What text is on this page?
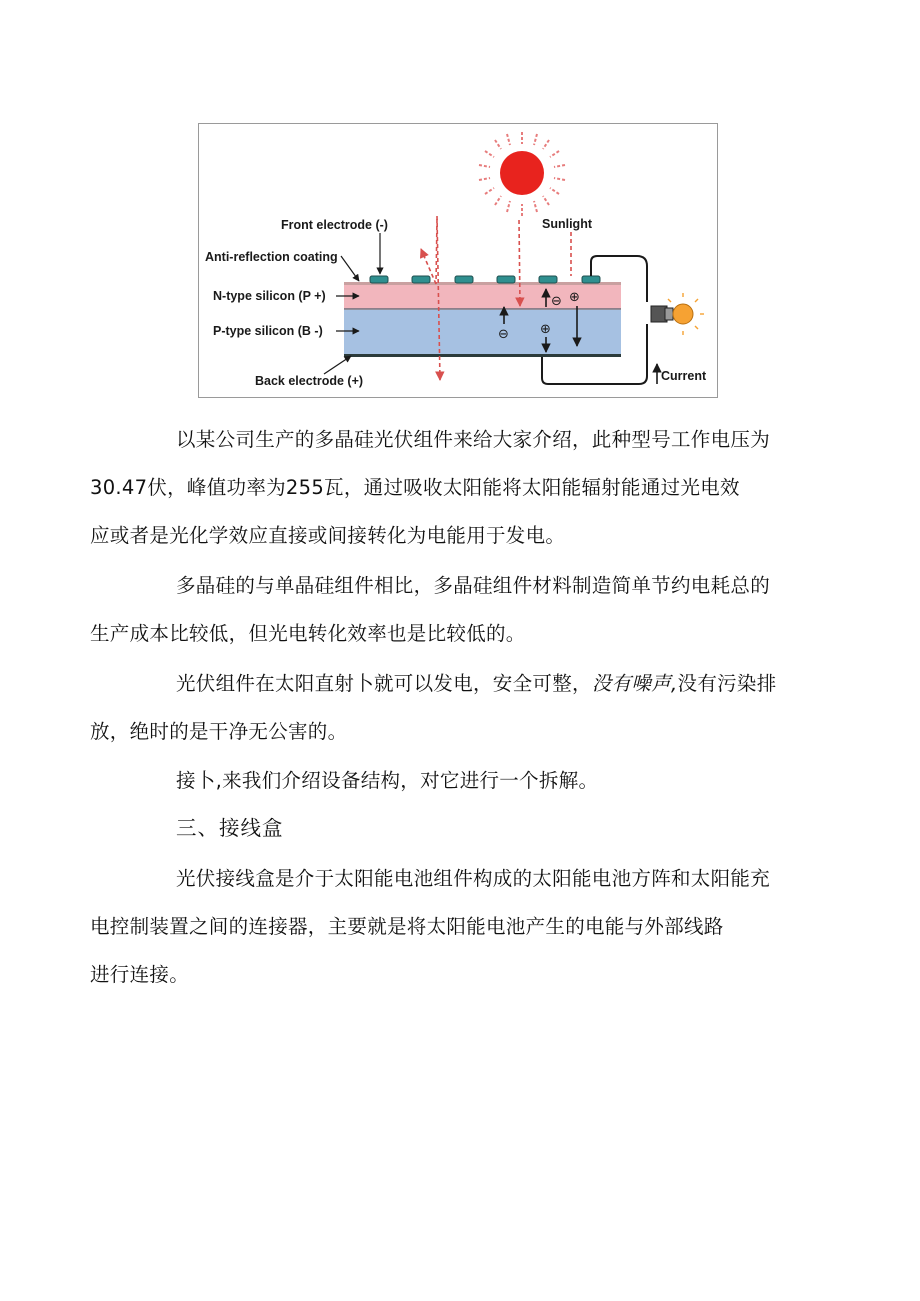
⊖ ⊕
⊖ ⊕
Front electrode (-)	Sunlight
Anti-reflection coating
N-type silicon (P +)
P-type silicon (B -)
Back electrode (+)	Current

以某公司生产的多晶硅光伏组件来给大家介绍，此种型号工作电压为
30.47伏，峰值功率为255瓦，通过吸收太阳能将太阳能辐射能通过光电效
应或者是光化学效应直接或间接转化为电能用于发电。

多晶硅的与单晶硅组件相比，多晶硅组件材料制造简单节约电耗总的
生产成本比较低，但光电转化效率也是比较低的。

光伏组件在太阳直射卜就可以发电，安全可整，没有噪声,没有污染排
放，绝时的是干净无公害的。

接卜,来我们介绍设备结构，对它进行一个拆解。

三、接线盒

光伏接线盒是介于太阳能电池组件构成的太阳能电池方阵和太阳能充
电控制装置之间的连接器，主要就是将太阳能电池产生的电能与外部线路
进行连接。
